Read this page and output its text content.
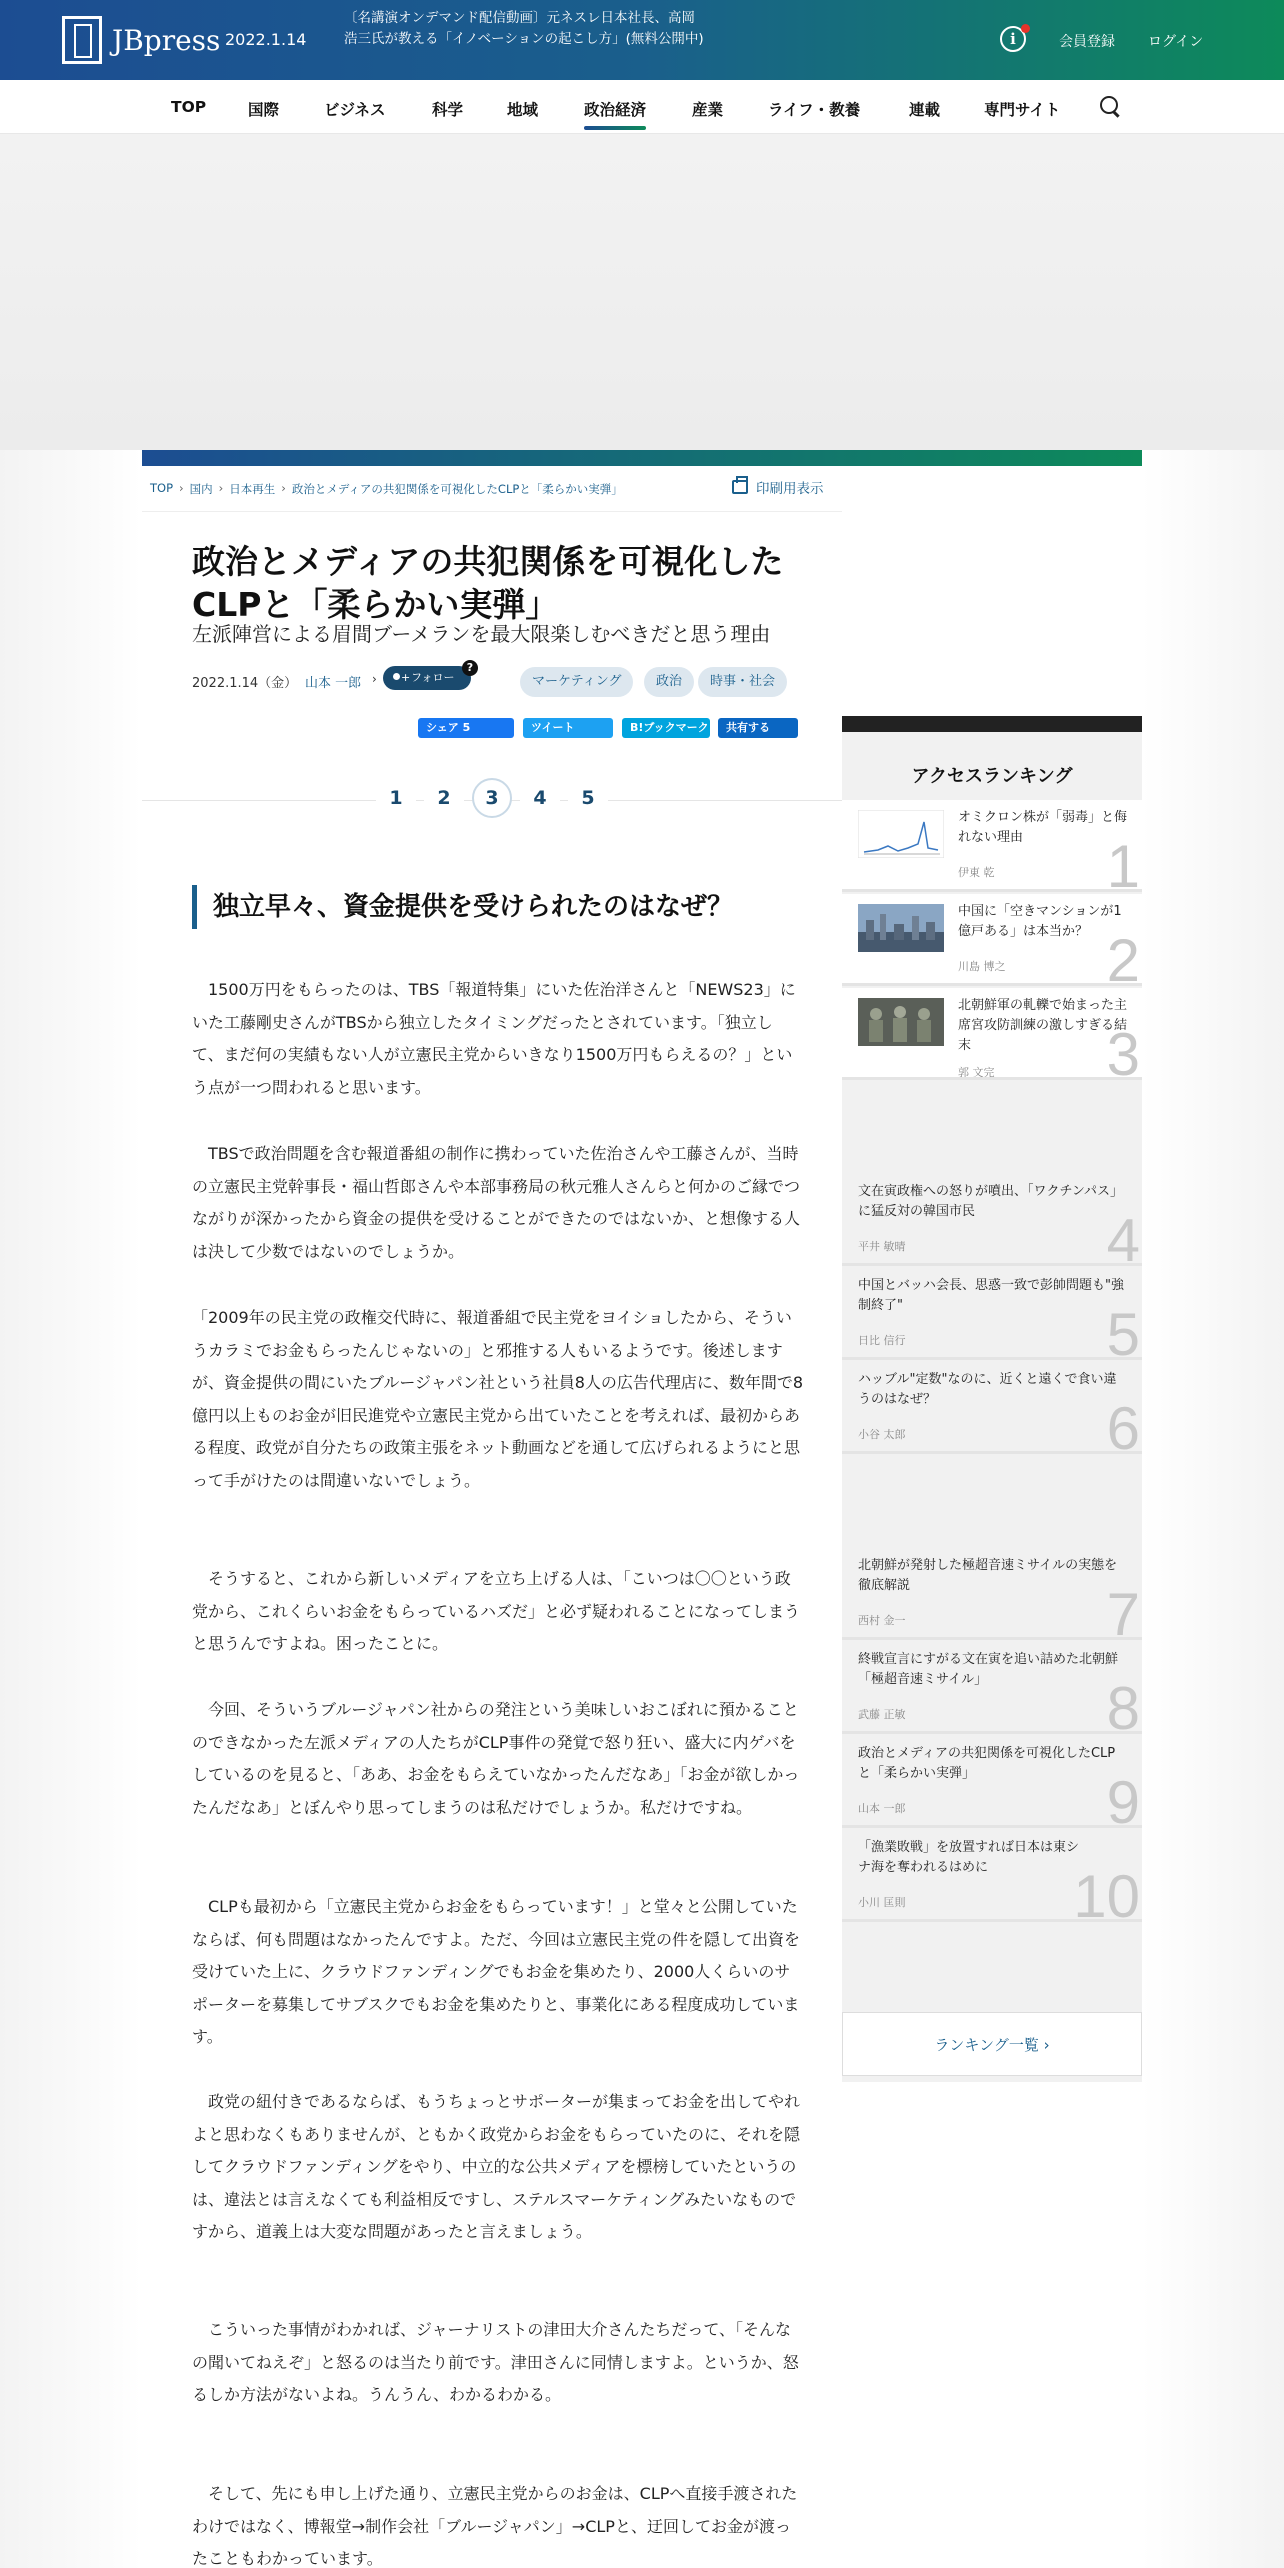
JBpress 2022.1.14
〔名講演オンデマンド配信動画〕元ネスレ日本社長、高岡浩三氏が教える「イノベーションの起こし方」(無料公開中)	i	会員登録 ログイン
TOP	国際	ビジネス	科学	地域	政治経済	産業	ライフ・教養	連載	専門サイト
TOP › 国内 › 日本再生 › 政治とメディアの共犯関係を可視化したCLPと「柔らかい実弾」	印刷用表示
政治とメディアの共犯関係を可視化したCLPと「柔らかい実弾」
左派陣営による眉間ブーメランを最大限楽しむべきだと思う理由
2022.1.14（金） 山本 一郎 ›	フォロー +
?
マーケティング	政治	時事・社会
シェア 5	ツイート	B!ブックマーク	共有する
1	2	3	4	5
独立早々、資金提供を受けられたのはなぜ？

　1500万円をもらったのは、TBS「報道特集」にいた佐治洋さんと「NEWS23」にいた工藤剛史さんがTBSから独立したタイミングだったとされています。「独立して、まだ何の実績もない人が立憲民主党からいきなり1500万円もらえるの？」という点が一つ問われると思います。

　TBSで政治問題を含む報道番組の制作に携わっていた佐治さんや工藤さんが、当時の立憲民主党幹事長・福山哲郎さんや本部事務局の秋元雅人さんらと何かのご縁でつながりが深かったから資金の提供を受けることができたのではないか、と想像する人は決して少数ではないのでしょうか。

「2009年の民主党の政権交代時に、報道番組で民主党をヨイショしたから、そういうカラミでお金もらったんじゃないの」と邪推する人もいるようです。後述しますが、資金提供の間にいたブルージャパン社という社員8人の広告代理店に、数年間で8億円以上ものお金が旧民進党や立憲民主党から出ていたことを考えれば、最初からある程度、政党が自分たちの政策主張をネット動画などを通して広げられるようにと思って手がけたのは間違いないでしょう。

　そうすると、これから新しいメディアを立ち上げる人は、「こいつは〇〇という政党から、これくらいお金をもらっているハズだ」と必ず疑われることになってしまうと思うんですよね。困ったことに。

　今回、そういうブルージャパン社からの発注という美味しいおこぼれに預かることのできなかった左派メディアの人たちがCLP事件の発覚で怒り狂い、盛大に内ゲバをしているのを見ると、「ああ、お金をもらえていなかったんだなあ」「お金が欲しかったんだなあ」とぼんやり思ってしまうのは私だけでしょうか。私だけですね。

　CLPも最初から「立憲民主党からお金をもらっています！」と堂々と公開していたならば、何も問題はなかったんですよ。ただ、今回は立憲民主党の件を隠して出資を受けていた上に、クラウドファンディングでもお金を集めたり、2000人くらいのサポーターを募集してサブスクでもお金を集めたりと、事業化にある程度成功しています。

　政党の紐付きであるならば、もうちょっとサポーターが集まってお金を出してやれよと思わなくもありませんが、ともかく政党からお金をもらっていたのに、それを隠してクラウドファンディングをやり、中立的な公共メディアを標榜していたというのは、違法とは言えなくても利益相反ですし、ステルスマーケティングみたいなものですから、道義上は大変な問題があったと言えましょう。

　こういった事情がわかれば、ジャーナリストの津田大介さんたちだって、「そんなの聞いてねえぞ」と怒るのは当たり前です。津田さんに同情しますよ。というか、怒るしか方法がないよね。うんうん、わかるわかる。

　そして、先にも申し上げた通り、立憲民主党からのお金は、CLPへ直接手渡されたわけではなく、博報堂→制作会社「ブルージャパン」→CLPと、迂回してお金が渡ったこともわかっています。

アクセスランキング
オミクロン株が「弱毒」と侮れない理由
伊東 乾 1
中国に「空きマンションが1億戸ある」は本当か？
川島 博之 2
北朝鮮軍の軋轢で始まった主席宮攻防訓練の激しすぎる結末
郭 文完 3
文在寅政権への怒りが噴出、「ワクチンパス」に猛反対の韓国市民
平井 敏晴	4
中国とバッハ会長、思惑一致で彭帥問題も"強制終了"
日比 信行	5
ハッブル"定数"なのに、近くと遠くで食い違うのはなぜ？
小谷 太郎	6
北朝鮮が発射した極超音速ミサイルの実態を徹底解説
西村 金一	7
終戦宣言にすがる文在寅を追い詰めた北朝鮮「極超音速ミサイル」
武藤 正敏	8
政治とメディアの共犯関係を可視化したCLPと「柔らかい実弾」
山本 一郎	9
「漁業敗戦」を放置すれば日本は東シナ海を奪われるはめに
小川 匡則	10
ランキング一覧 ›
